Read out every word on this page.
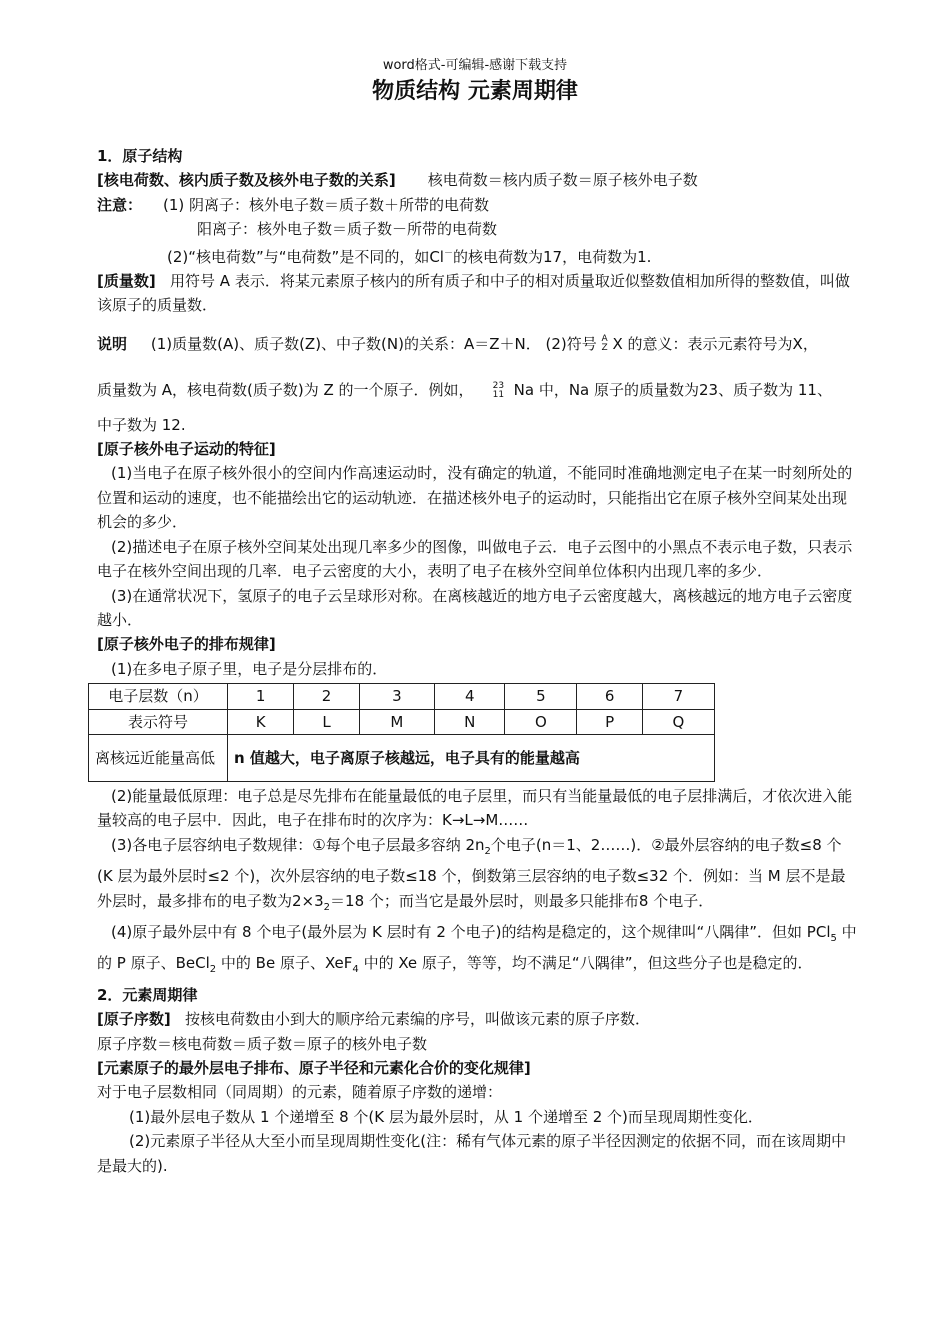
word格式-可编辑-感谢下载支持
物质结构 元素周期律

1．原子结构

[核电荷数、核内质子数及核外电子数的关系] 核电荷数＝核内质子数＝原子核外电子数

注意： (1) 阴离子：核外电子数＝质子数＋所带的电荷数

阳离子：核外电子数＝质子数－所带的电荷数

(2)“核电荷数”与“电荷数”是不同的，如Cl－的核电荷数为17，电荷数为1.

[质量数] 用符号 A 表示．将某元素原子核内的所有质子和中子的相对质量取近似整数值相加所得的整数值，叫做该原子的质量数．

说明 (1)质量数(A)、质子数(Z)、中子数(N)的关系：A＝Z＋N． (2)符号 A
Z X 的意义：表示元素符号为X，

质量数为 A，核电荷数(质子数)为 Z 的一个原子．例如， 23
11 Na 中，Na 原子的质量数为23、质子数为 11、

中子数为 12.

[原子核外电子运动的特征]

(1)当电子在原子核外很小的空间内作高速运动时，没有确定的轨道，不能同时准确地测定电子在某一时刻所处的位置和运动的速度，也不能描绘出它的运动轨迹．在描述核外电子的运动时，只能指出它在原子核外空间某处出现机会的多少．

(2)描述电子在原子核外空间某处出现几率多少的图像，叫做电子云．电子云图中的小黑点不表示电子数，只表示电子在核外空间出现的几率．电子云密度的大小，表明了电子在核外空间单位体积内出现几率的多少．

(3)在通常状况下，氢原子的电子云呈球形对称。在离核越近的地方电子云密度越大，离核越远的地方电子云密度越小．

[原子核外电子的排布规律]

(1)在多电子原子里，电子是分层排布的．

电子层数（n）	1	2	3	4	5	6	7
表示符号	K	L	M	N	O	P	Q
离核远近能量高低	n 值越大，电子离原子核越远，电子具有的能量越高						

(2)能量最低原理：电子总是尽先排布在能量最低的电子层里，而只有当能量最低的电子层排满后，才依次进入能量较高的电子层中．因此，电子在排布时的次序为：K→L→M……

(3)各电子层容纳电子数规律：①每个电子层最多容纳 $2n_2$个电子(n＝1、2……)．②最外层容纳的电子数≤8 个(K 层为最外层时≤2 个)，次外层容纳的电子数≤18 个，倒数第三层容纳的电子数≤32 个．例如：当 M 层不是最外层时，最多排布的电子数为$2\times 3_2=18$ 个；而当它是最外层时，则最多只能排布8 个电子．

(4)原子最外层中有 8 个电子(最外层为 K 层时有 2 个电子)的结构是稳定的，这个规律叫“八隅律”．但如 PCl$_5$ 中的 P 原子、BeCl$_2$ 中的 Be 原子、XeF$_4$ 中的 Xe 原子，等等，均不满足“八隅律”，但这些分子也是稳定的．

2．元素周期律

[原子序数] 按核电荷数由小到大的顺序给元素编的序号，叫做该元素的原子序数．

原子序数＝核电荷数＝质子数＝原子的核外电子数

[元素原子的最外层电子排布、原子半径和元素化合价的变化规律]

对于电子层数相同（同周期）的元素，随着原子序数的递增：

(1)最外层电子数从 1 个递增至 8 个(K 层为最外层时，从 1 个递增至 2 个)而呈现周期性变化．

(2)元素原子半径从大至小而呈现周期性变化(注：稀有气体元素的原子半径因测定的依据不同，而在该周期中是最大的).
